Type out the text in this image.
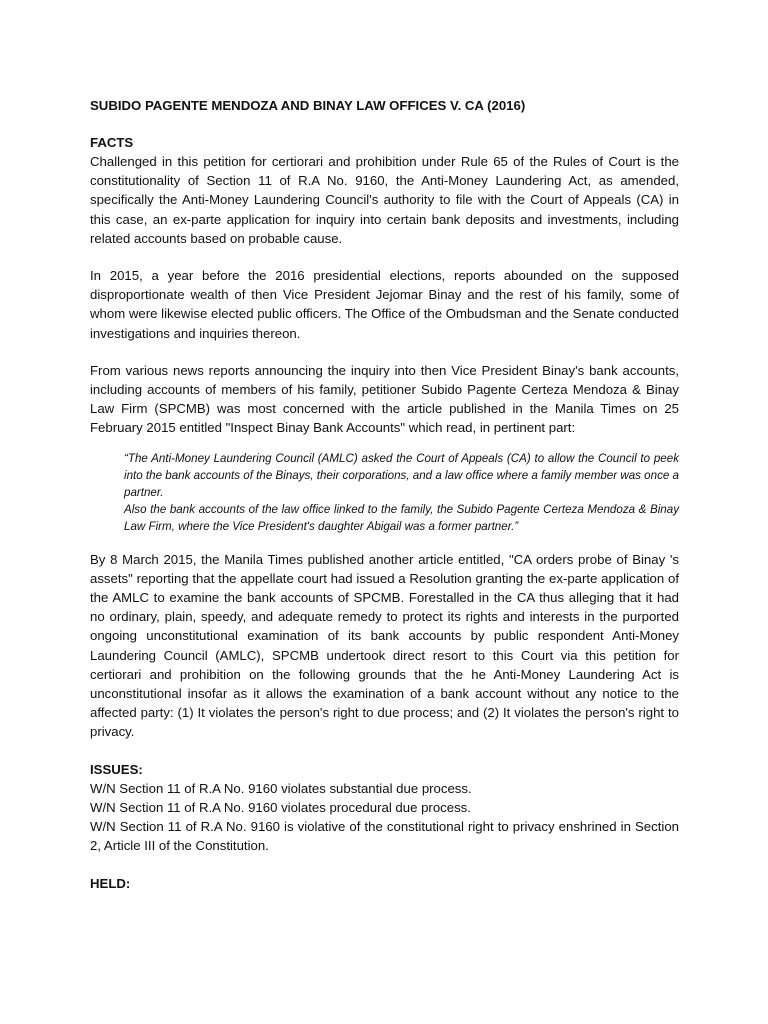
SUBIDO PAGENTE MENDOZA AND BINAY LAW OFFICES V. CA (2016)
FACTS

Challenged in this petition for certiorari and prohibition under Rule 65 of the Rules of Court is the constitutionality of Section 11 of R.A No. 9160, the Anti-Money Laundering Act, as amended, specifically the Anti-Money Laundering Council's authority to file with the Court of Appeals (CA) in this case, an ex-parte application for inquiry into certain bank deposits and investments, including related accounts based on probable cause.

In 2015, a year before the 2016 presidential elections, reports abounded on the supposed disproportionate wealth of then Vice President Jejomar Binay and the rest of his family, some of whom were likewise elected public officers. The Office of the Ombudsman and the Senate conducted investigations and inquiries thereon.

From various news reports announcing the inquiry into then Vice President Binay's bank accounts, including accounts of members of his family, petitioner Subido Pagente Certeza Mendoza & Binay Law Firm (SPCMB) was most concerned with the article published in the Manila Times on 25 February 2015 entitled "Inspect Binay Bank Accounts" which read, in pertinent part:

“The Anti-Money Laundering Council (AMLC) asked the Court of Appeals (CA) to allow the Council to peek into the bank accounts of the Binays, their corporations, and a law office where a family member was once a partner.

Also the bank accounts of the law office linked to the family, the Subido Pagente Certeza Mendoza & Binay Law Firm, where the Vice President's daughter Abigail was a former partner.”

By 8 March 2015, the Manila Times published another article entitled, "CA orders probe of Binay 's assets" reporting that the appellate court had issued a Resolution granting the ex-parte application of the AMLC to examine the bank accounts of SPCMB. Forestalled in the CA thus alleging that it had no ordinary, plain, speedy, and adequate remedy to protect its rights and interests in the purported ongoing unconstitutional examination of its bank accounts by public respondent Anti-Money Laundering Council (AMLC), SPCMB undertook direct resort to this Court via this petition for certiorari and prohibition on the following grounds that the he Anti-Money Laundering Act is unconstitutional insofar as it allows the examination of a bank account without any notice to the affected party: (1) It violates the person's right to due process; and (2) It violates the person's right to privacy.

ISSUES:

W/N Section 11 of R.A No. 9160 violates substantial due process.

W/N Section 11 of R.A No. 9160 violates procedural due process.

W/N Section 11 of R.A No. 9160 is violative of the constitutional right to privacy enshrined in Section 2, Article III of the Constitution.

HELD:
